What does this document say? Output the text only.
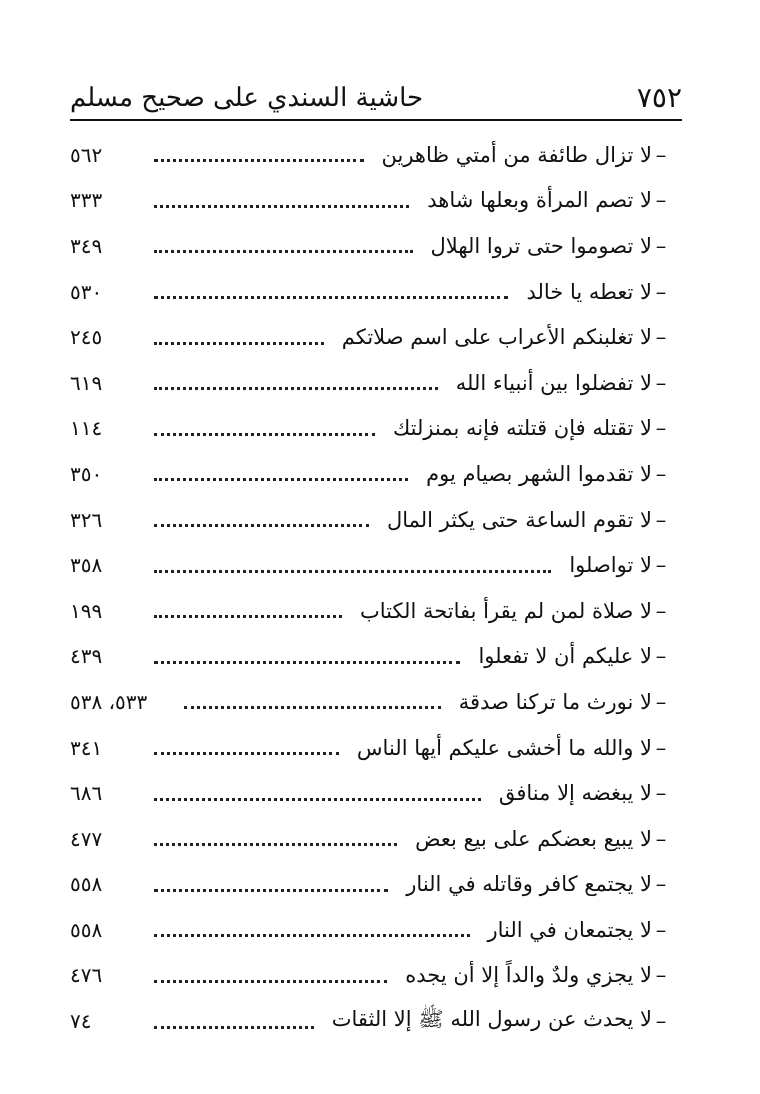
٧٥٢
حاشية السندي على صحيح مسلم
–
لا تزال طائفة من أمتي ظاهرين
٥٦٢
–
لا تصم المرأة وبعلها شاهد
٣٣٣
–
لا تصوموا حتى تروا الهلال
٣٤٩
–
لا تعطه يا خالد
٥٣٠
–
لا تغلبنكم الأعراب على اسم صلاتكم
٢٤٥
–
لا تفضلوا بين أنبياء الله
٦١٩
–
لا تقتله فإن قتلته فإنه بمنزلتك
١١٤
–
لا تقدموا الشهر بصيام يوم
٣٥٠
–
لا تقوم الساعة حتى يكثر المال
٣٢٦
–
لا تواصلوا
٣٥٨
–
لا صلاة لمن لم يقرأ بفاتحة الكتاب
١٩٩
–
لا عليكم أن لا تفعلوا
٤٣٩
–
لا نورث ما تركنا صدقة
٥٣٣، ٥٣٨
–
لا والله ما أخشى عليكم أيها الناس
٣٤١
–
لا يبغضه إلا منافق
٦٨٦
–
لا يبيع بعضكم على بيع بعض
٤٧٧
–
لا يجتمع كافر وقاتله في النار
٥٥٨
–
لا يجتمعان في النار
٥٥٨
–
لا يجزي ولدٌ والداً إلا أن يجده
٤٧٦
–
لا يحدث عن رسول الله ﷺ إلا الثقات
٧٤
